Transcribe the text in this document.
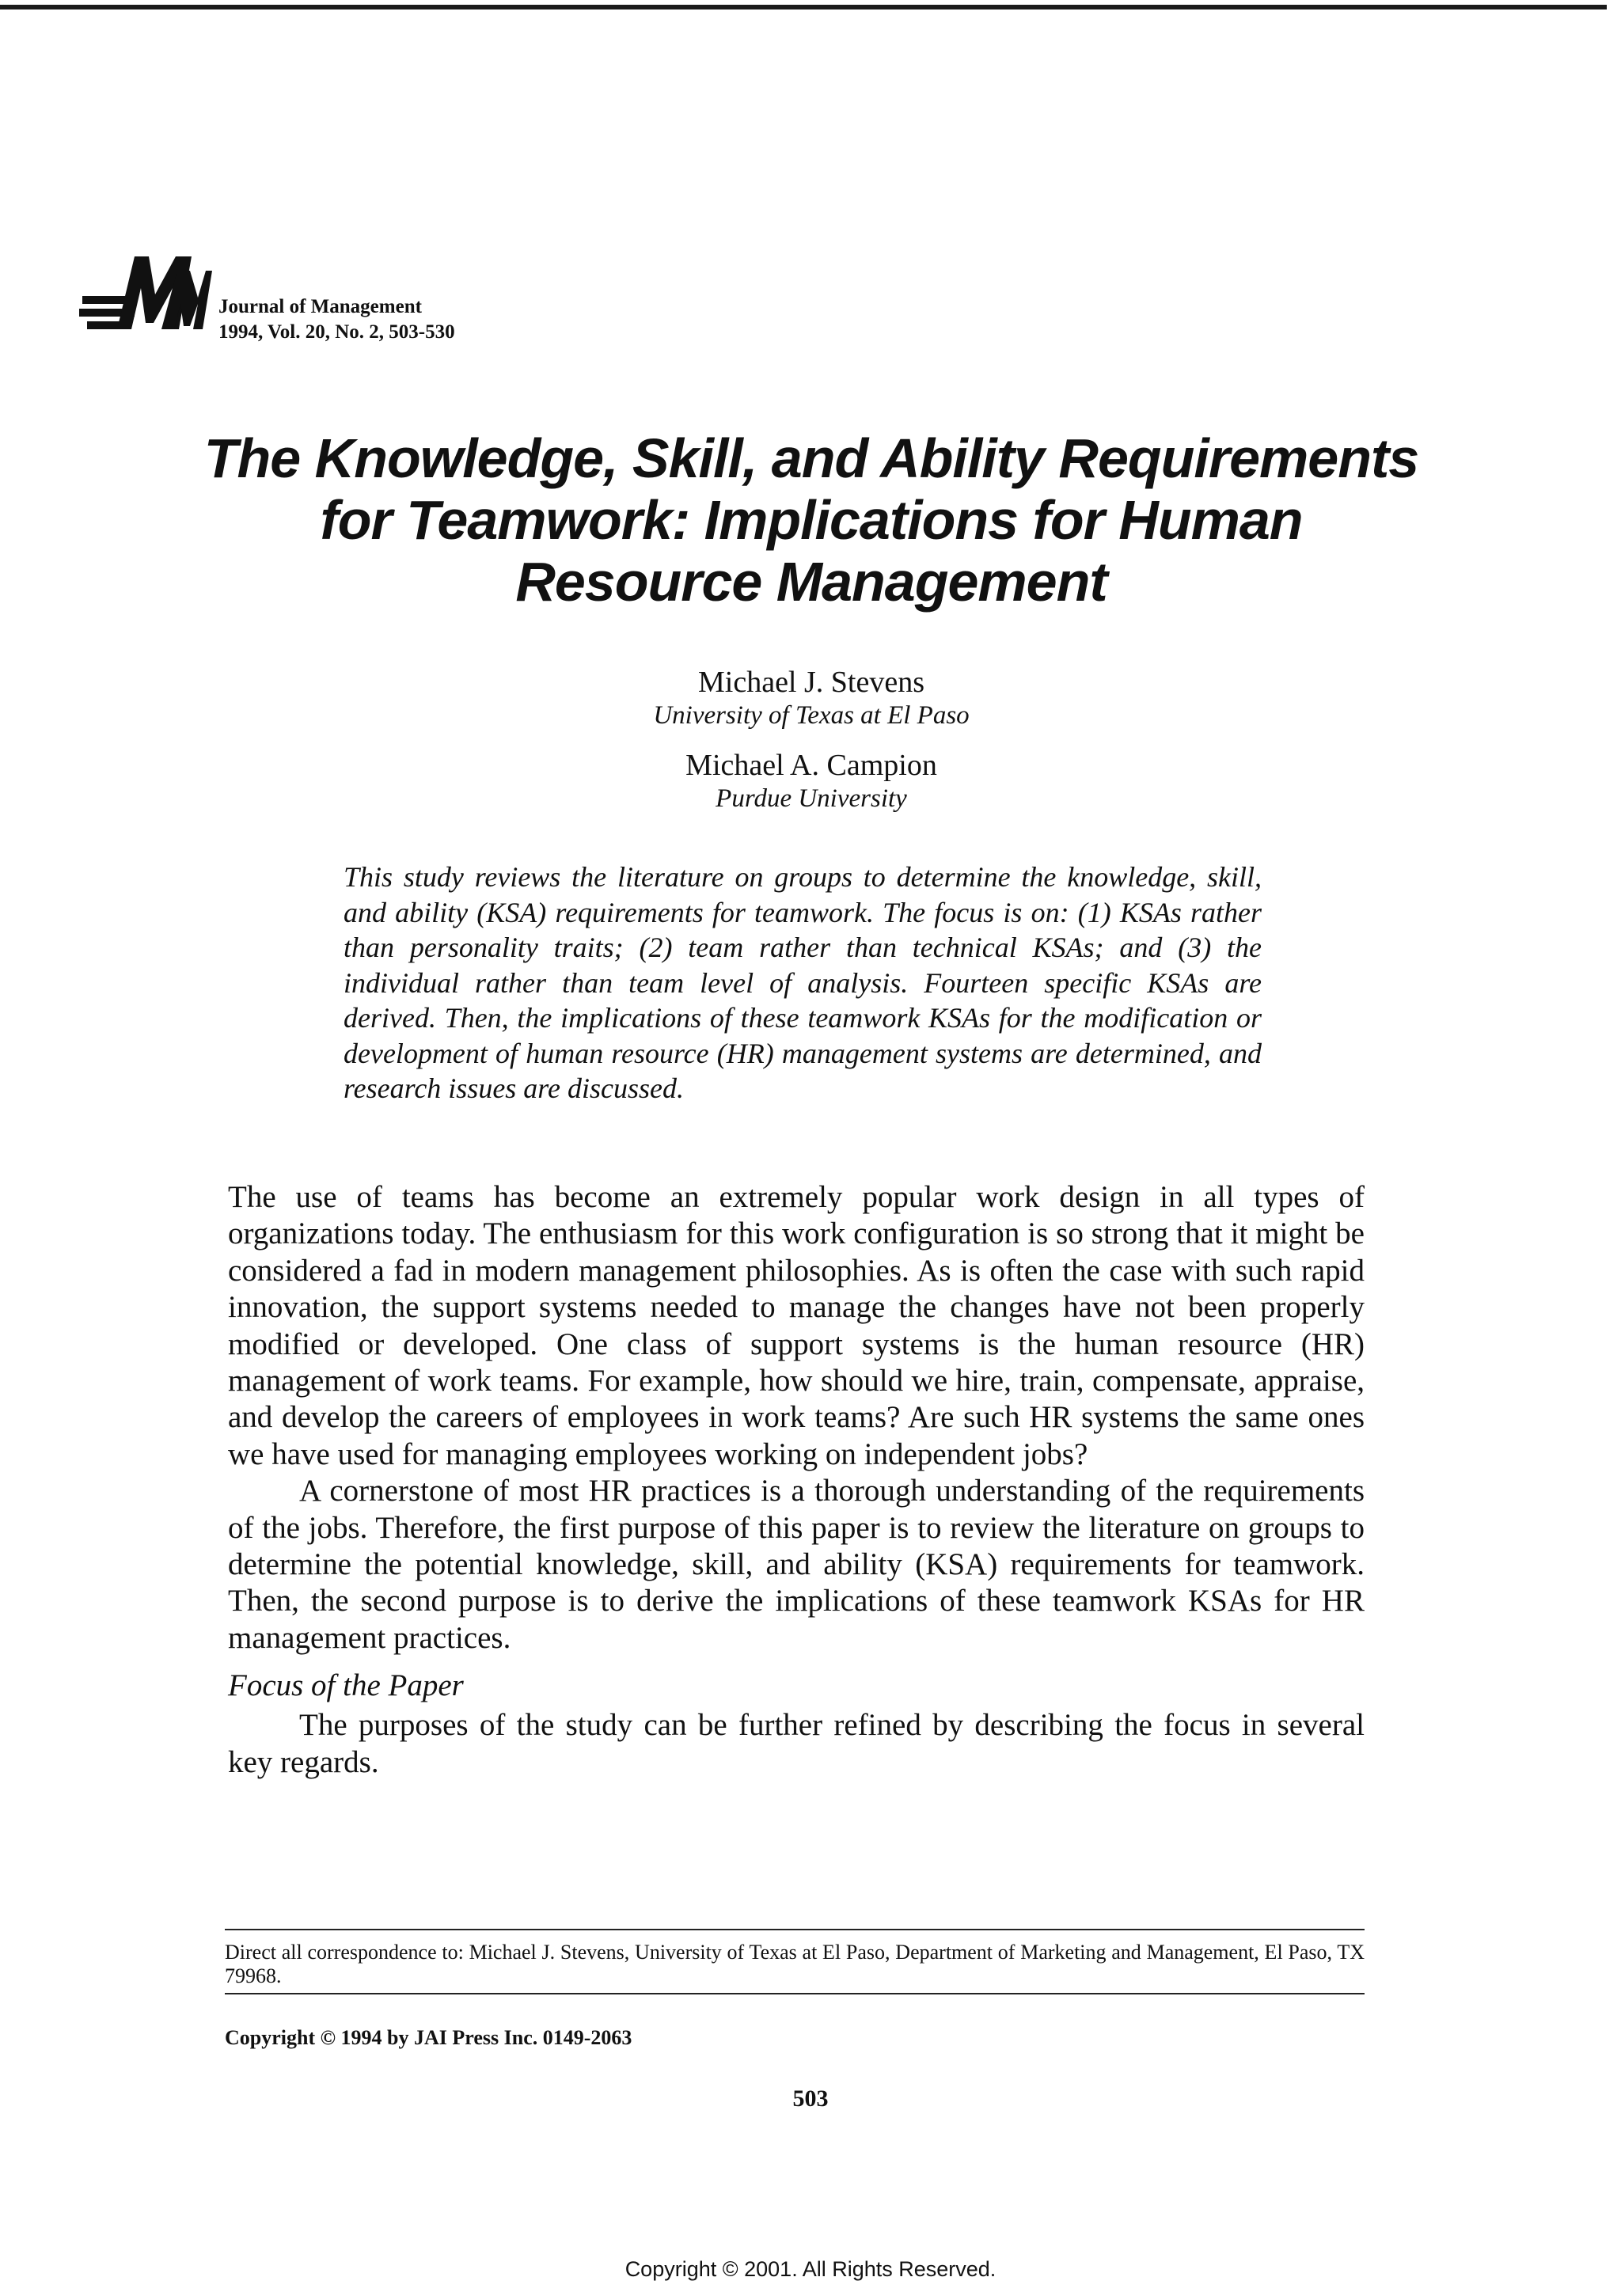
Journal of Management
1994, Vol. 20, No. 2, 503-530
The Knowledge, Skill, and Ability Requirements for Teamwork: Implications for Human Resource Management
Michael J. Stevens
University of Texas at El Paso
Michael A. Campion
Purdue University
This study reviews the literature on groups to determine the knowledge, skill, and ability (KSA) requirements for teamwork. The focus is on: (1) KSAs rather than personality traits; (2) team rather than technical KSAs; and (3) the individual rather than team level of analysis. Fourteen specific KSAs are derived. Then, the implications of these teamwork KSAs for the modification or development of human resource (HR) management systems are determined, and research issues are discussed.

The use of teams has become an extremely popular work design in all types of organizations today. The enthusiasm for this work configuration is so strong that it might be considered a fad in modern management philosophies. As is often the case with such rapid innovation, the support systems needed to manage the changes have not been properly modified or developed. One class of support systems is the human resource (HR) management of work teams. For example, how should we hire, train, compensate, appraise, and develop the careers of employees in work teams? Are such HR systems the same ones we have used for managing employees working on independent jobs?

A cornerstone of most HR practices is a thorough understanding of the requirements of the jobs. Therefore, the first purpose of this paper is to review the literature on groups to determine the potential knowledge, skill, and ability (KSA) requirements for teamwork. Then, the second purpose is to derive the implications of these teamwork KSAs for HR management practices.

Focus of the Paper

The purposes of the study can be further refined by describing the focus in several key regards.

Direct all correspondence to: Michael J. Stevens, University of Texas at El Paso, Department of Marketing and Management, El Paso, TX 79968.
Copyright © 1994 by JAI Press Inc. 0149-2063
503
Copyright © 2001. All Rights Reserved.
